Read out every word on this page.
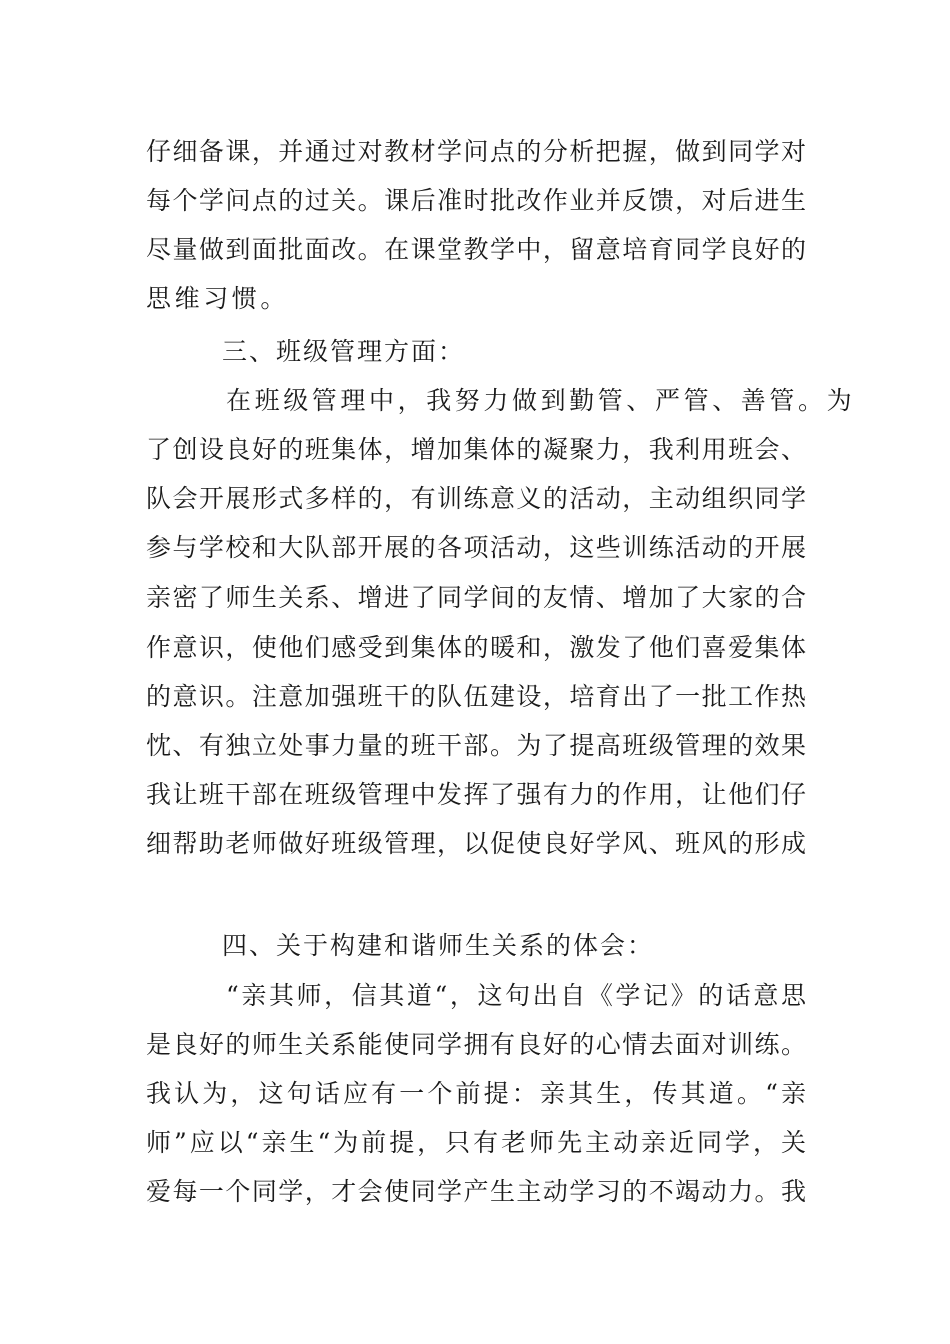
仔细备课，并通过对教材学问点的分析把握，做到同学对
每个学问点的过关。课后准时批改作业并反馈，对后进生
尽量做到面批面改。在课堂教学中，留意培育同学良好的
思维习惯。
三、班级管理方面：
在班级管理中，我努力做到勤管、严管、善管。为
了创设良好的班集体，增加集体的凝聚力，我利用班会、
队会开展形式多样的，有训练意义的活动，主动组织同学
参与学校和大队部开展的各项活动，这些训练活动的开展
亲密了师生关系、增进了同学间的友情、增加了大家的合
作意识，使他们感受到集体的暖和，激发了他们喜爱集体
的意识。注意加强班干的队伍建设，培育出了一批工作热
忱、有独立处事力量的班干部。为了提高班级管理的效果
我让班干部在班级管理中发挥了强有力的作用，让他们仔
细帮助老师做好班级管理，以促使良好学风、班风的形成
四、关于构建和谐师生关系的体会：
“亲其师，信其道“，这句出自《学记》的话意思
是良好的师生关系能使同学拥有良好的心情去面对训练。
我认为，这句话应有一个前提：亲其生，传其道。“亲
师”应以“亲生“为前提，只有老师先主动亲近同学，关
爱每一个同学，才会使同学产生主动学习的不竭动力。我
